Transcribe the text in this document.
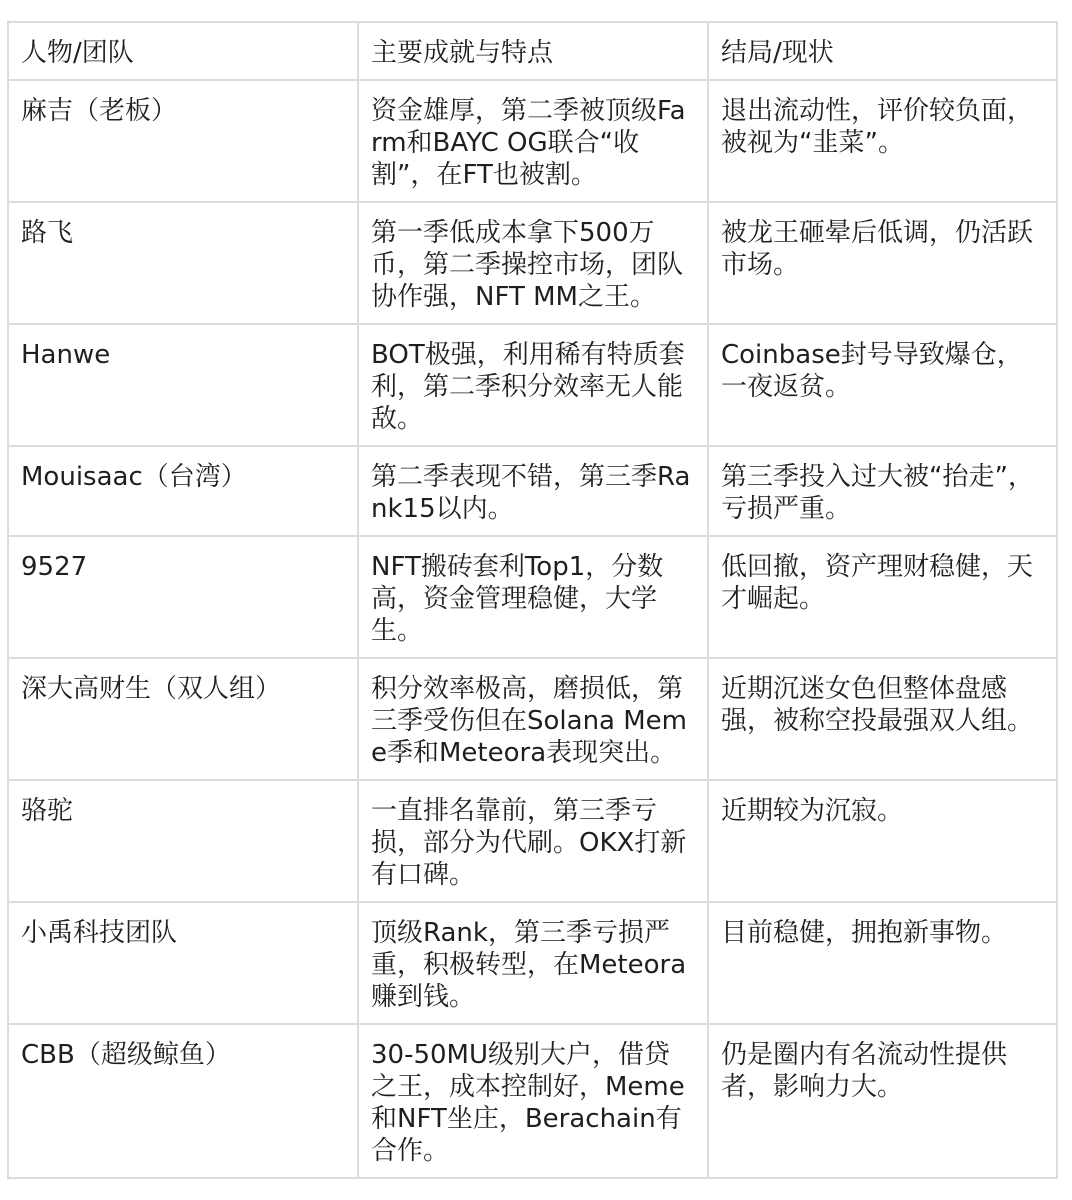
人物/团队	主要成就与特点	结局/现状
麻吉（老板）	资金雄厚，第二季被顶级Farm和BAYC OG联合“收割”，在FT也被割。	退出流动性，评价较负面，被视为“韭菜”。
路飞	第一季低成本拿下500万币，第二季操控市场，团队协作强，NFT MM之王。	被龙王砸晕后低调，仍活跃市场。
Hanwe	BOT极强，利用稀有特质套利，第二季积分效率无人能敌。	Coinbase封号导致爆仓，一夜返贫。
Mouisaac（台湾）	第二季表现不错，第三季Rank15以内。	第三季投入过大被“抬走”，亏损严重。
9527	NFT搬砖套利Top1，分数高，资金管理稳健，大学生。	低回撤，资产理财稳健，天才崛起。
深大高财生（双人组）	积分效率极高，磨损低，第三季受伤但在Solana Meme季和Meteora表现突出。	近期沉迷女色但整体盘感强，被称空投最强双人组。
骆驼	一直排名靠前，第三季亏损，部分为代刷。OKX打新有口碑。	近期较为沉寂。
小禹科技团队	顶级Rank，第三季亏损严重，积极转型，在Meteora赚到钱。	目前稳健，拥抱新事物。
CBB（超级鲸鱼）	30-50MU级别大户，借贷之王，成本控制好，Meme和NFT坐庄，Berachain有合作。	仍是圈内有名流动性提供者，影响力大。
